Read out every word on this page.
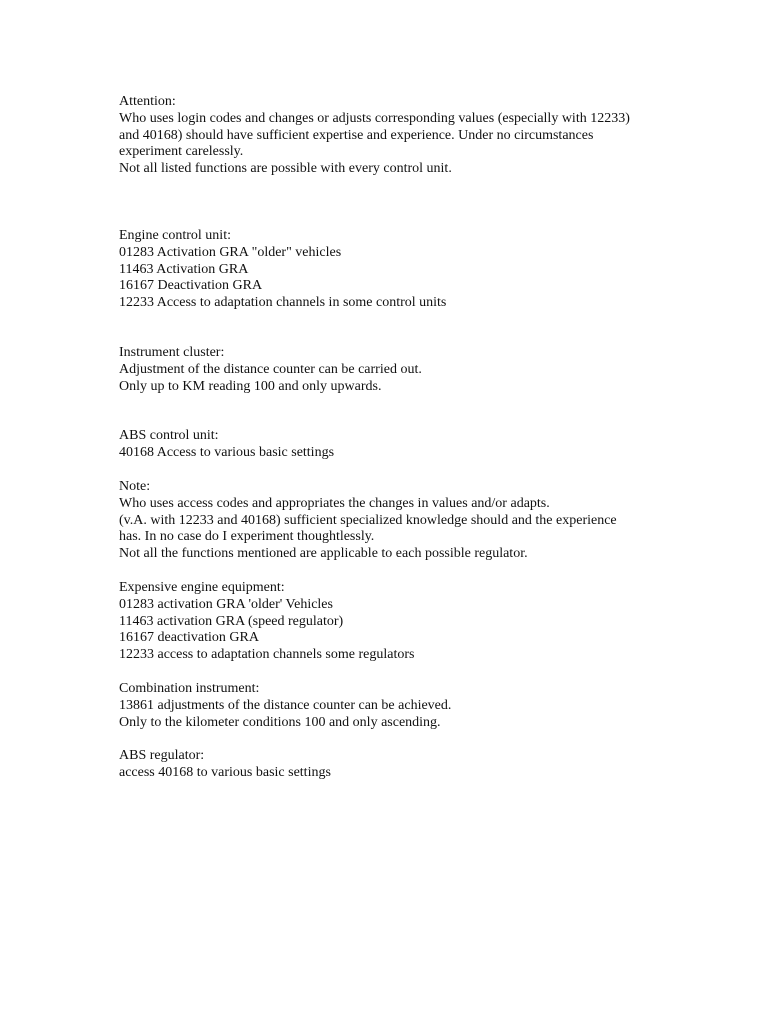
Attention:
Who uses login codes and changes or adjusts corresponding values (especially with 12233)
and 40168) should have sufficient expertise and experience. Under no circumstances
experiment carelessly.
Not all listed functions are possible with every control unit.
Engine control unit:
01283 Activation GRA "older" vehicles
11463 Activation GRA
16167 Deactivation GRA
12233 Access to adaptation channels in some control units
Instrument cluster:
Adjustment of the distance counter can be carried out.
Only up to KM reading 100 and only upwards.
ABS control unit:
40168 Access to various basic settings
Note:
Who uses access codes and appropriates the changes in values and/or adapts.
(v.A. with 12233 and 40168) sufficient specialized knowledge should and the experience
has. In no case do I experiment thoughtlessly.
Not all the functions mentioned are applicable to each possible regulator.
Expensive engine equipment:
01283 activation GRA 'older' Vehicles
11463 activation GRA (speed regulator)
16167 deactivation GRA
12233 access to adaptation channels some regulators
Combination instrument:
13861 adjustments of the distance counter can be achieved.
Only to the kilometer conditions 100 and only ascending.
ABS regulator:
access 40168 to various basic settings
